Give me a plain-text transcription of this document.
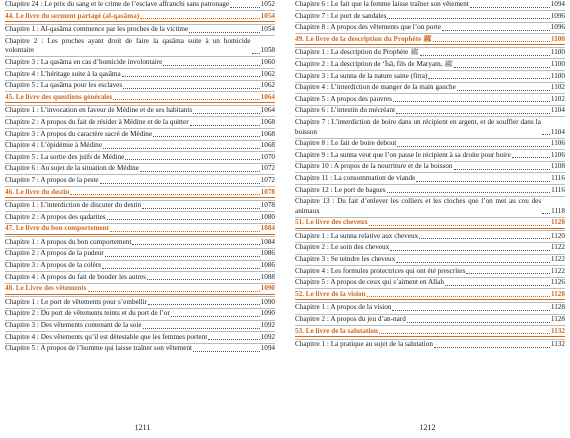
Chapitre 24 : Le prix du sang et le crime de l’esclave affranchi sans patronage	1052
44. Le livre du serment partagé (al-qasâma)	1054
Chapitre 1 : Al-qasâma commence par les proches de la victime	1054
Chapitre 2 : Les proches ayant droit de faire la qasâma suite à un homicide volontaire	1058
Chapitre 3 : La qasâma en cas d’homicide involontaire	1060
Chapitre 4 : L’héritage suite à la qasâma	1062
Chapitre 5 : La qasâma pour les esclaves	1062
45. Le livre des questions générales	1064
Chapitre 1 : L’invocation en faveur de Médine et de ses habitants	1064
Chapitre 2 : A propos du fait de résider à Médine et de la quitter	1068
Chapitre 3 : A propos du caractère sacré de Médine	1068
Chapitre 4 : L’épidémie à Médine	1068
Chapitre 5 : La sortie des juifs de Médine	1070
Chapitre 6 : Au sujet de la situation de Médine	1072
Chapitre 7 : A propos de la peste	1072
46. Le livre du destin	1078
Chapitre 1 : L’interdiction de discuter du destin	1078
Chapitre 2 : A propos des qadarites	1080
47. Le livre du bon comportement	1084
Chapitre 1 : A propos du bon comportement	1084
Chapitre 2 : A propos de la pudeur	1086
Chapitre 3 : A propos de la colère	1086
Chapitre 4 : A propos du fait de bouder les autres	1088
48. Le Livre des vêtements	1090
Chapitre 1 : Le port de vêtements pour s’embellir	1090
Chapitre 2 : Du port de vêtements teints et du port de l’or	1090
Chapitre 3 : Des vêtements contenant de la soie	1092
Chapitre 4 : Des vêtements qu’il est détestable que les femmes portent	1092
Chapitre 5 : A propos de l’homme qui laisse traîner son vêtement	1094
1211
Chapitre 6 : Le fait que la femme laisse traîner son vêtement	1094
Chapitre 7 : Le port de sandales	1096
Chapitre 8 : A propos des vêtements que l’on porte	1096
49. Le livre de la description du Prophète ﷺ	1100
Chapitre 1 : La description du Prophète ﷺ	1100
Chapitre 2 : La description de ‘Îsâ, fils de Maryam, ﷺ	1100
Chapitre 3 : La sunna de la nature saine (fitra)	1100
Chapitre 4 : L’interdiction de manger de la main gauche	1102
Chapitre 5 : A propos des pauvres	1102
Chapitre 6 : L’intestin du mécréant	1104
Chapitre 7 : L’interdiction de boire dans un récipient en argent, et de souffler dans la boisson	1104
Chapitre 8 : Le fait de boire debout	1106
Chapitre 9 : La sunna veut que l’on passe le récipient à sa droite pour boire	1106
Chapitre 10 : A propos de la nourriture et de la boisson	1108
Chapitre 11 : La consommation de viande	1116
Chapitre 12 : Le port de bagues	1116
Chapitre 13 : Du fait d’enlever les colliers et les cloches que l’on met au cou des animaux	1118
51. Le livre des cheveux	1120
Chapitre 1 : La sunna relative aux cheveux	1120
Chapitre 2 : Le soin des cheveux	1122
Chapitre 3 : Se teindre les cheveux	1122
Chapitre 4 : Les formules protectrices qui ont été prescrites	1122
Chapitre 5 : A propos de ceux qui s’aiment en Allah	1126
52. Le livre de la vision	1128
Chapitre 1 : A propos de la vision	1128
Chapitre 2 : A propos du jeu d’an-nard	1128
53. Le livre de la salutation	1132
Chapitre 1 : La pratique au sujet de la salutation	1132
1212
